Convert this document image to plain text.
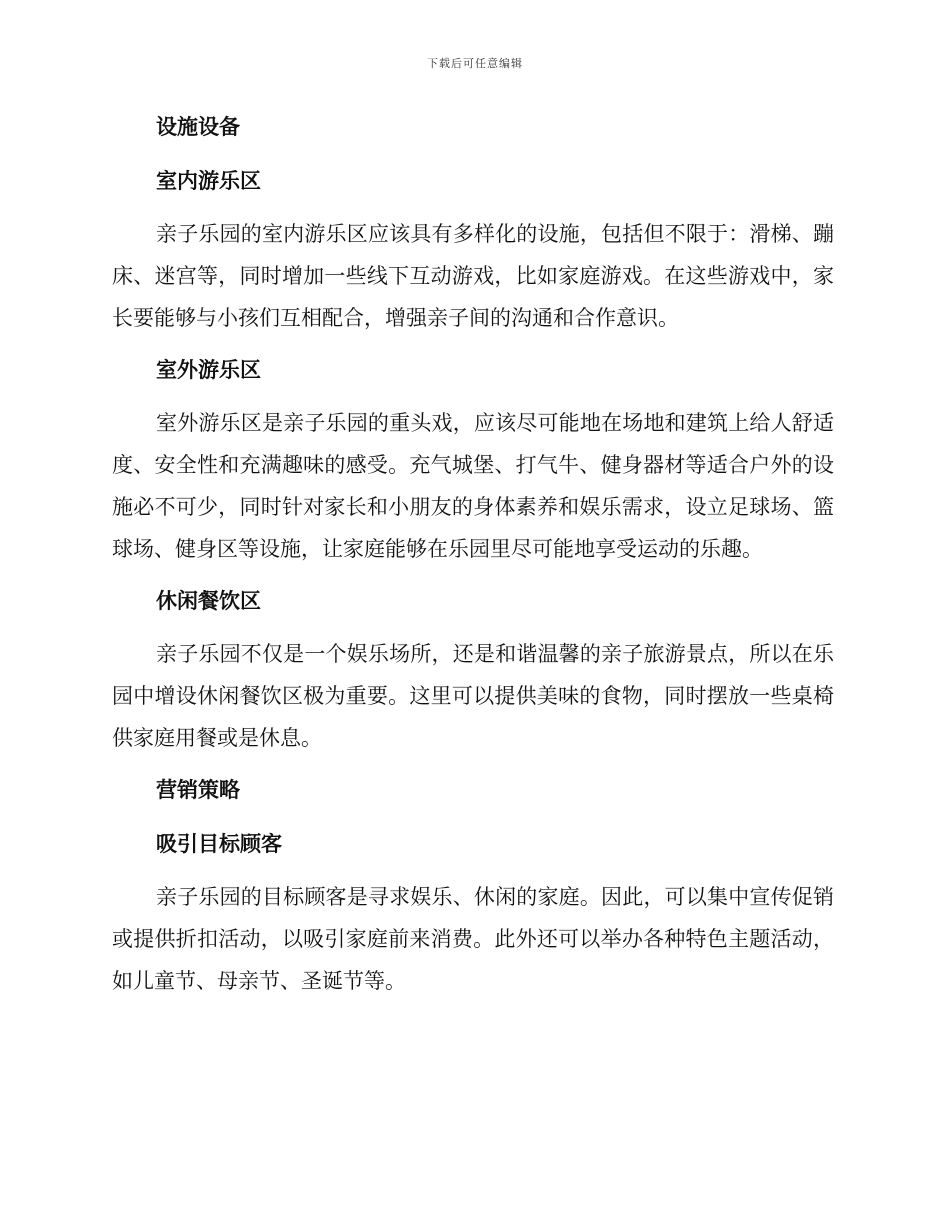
下载后可任意编辑
设施设备
室内游乐区

亲子乐园的室内游乐区应该具有多样化的设施，包括但不限于：滑梯、蹦床、迷宫等，同时增加一些线下互动游戏，比如家庭游戏。在这些游戏中，家长要能够与小孩们互相配合，增强亲子间的沟通和合作意识。

室外游乐区

室外游乐区是亲子乐园的重头戏，应该尽可能地在场地和建筑上给人舒适度、安全性和充满趣味的感受。充气城堡、打气牛、健身器材等适合户外的设施必不可少，同时针对家长和小朋友的身体素养和娱乐需求，设立足球场、篮球场、健身区等设施，让家庭能够在乐园里尽可能地享受运动的乐趣。

休闲餐饮区

亲子乐园不仅是一个娱乐场所，还是和谐温馨的亲子旅游景点，所以在乐园中增设休闲餐饮区极为重要。这里可以提供美味的食物，同时摆放一些桌椅供家庭用餐或是休息。

营销策略
吸引目标顾客

亲子乐园的目标顾客是寻求娱乐、休闲的家庭。因此，可以集中宣传促销或提供折扣活动，以吸引家庭前来消费。此外还可以举办各种特色主题活动，如儿童节、母亲节、圣诞节等。
